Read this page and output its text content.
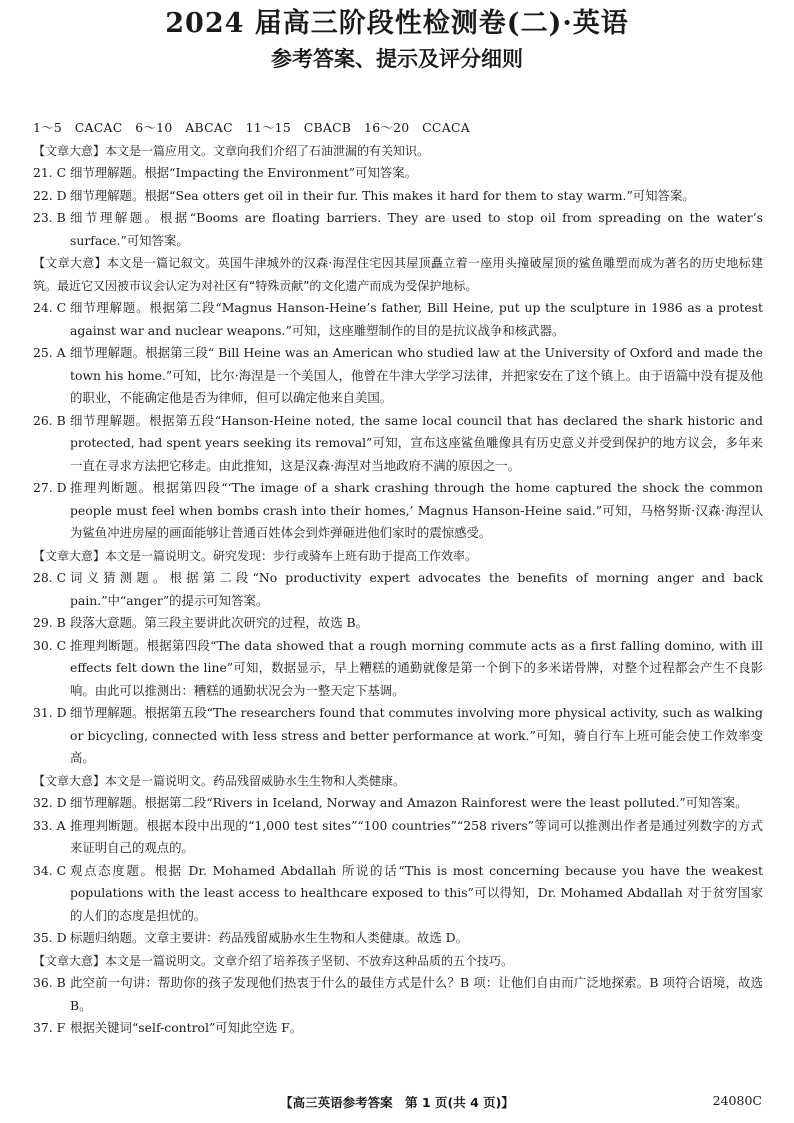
2024 届高三阶段性检测卷(二)·英语
参考答案、提示及评分细则
1～5　CACAC　6～10　ABCAC　11～15　CBACB　16～20　CCACA
【文章大意】本文是一篇应用文。文章向我们介绍了石油泄漏的有关知识。
21. C 细节理解题。根据“Impacting the Environment”可知答案。
22. D 细节理解题。根据“Sea otters get oil in their fur. This makes it hard for them to stay warm.”可知答案。
23. B 细节理解题。根据“Booms are floating barriers. They are used to stop oil from spreading on the water’s surface.”可知答案。
【文章大意】本文是一篇记叙文。英国牛津城外的汉森·海涅住宅因其屋顶矗立着一座用头撞破屋顶的鲨鱼雕塑而成为著名的历史地标建筑。最近它又因被市议会认定为对社区有“特殊贡献”的文化遗产而成为受保护地标。
24. C 细节理解题。根据第二段“Magnus Hanson-Heine’s father, Bill Heine, put up the sculpture in 1986 as a protest against war and nuclear weapons.”可知，这座雕塑制作的目的是抗议战争和核武器。
25. A 细节理解题。根据第三段“ Bill Heine was an American who studied law at the University of Oxford and made the town his home.”可知，比尔·海涅是一个美国人，他曾在牛津大学学习法律，并把家安在了这个镇上。由于语篇中没有提及他的职业，不能确定他是否为律师，但可以确定他来自美国。
26. B 细节理解题。根据第五段“Hanson-Heine noted, the same local council that has declared the shark historic and protected, had spent years seeking its removal”可知，宣布这座鲨鱼雕像具有历史意义并受到保护的地方议会，多年来一直在寻求方法把它移走。由此推知，这是汉森·海涅对当地政府不满的原因之一。
27. D 推理判断题。根据第四段“‘The image of a shark crashing through the home captured the shock the common people must feel when bombs crash into their homes,’ Magnus Hanson-Heine said.”可知，马格努斯·汉森·海涅认为鲨鱼冲进房屋的画面能够让普通百姓体会到炸弹砸进他们家时的震惊感受。
【文章大意】本文是一篇说明文。研究发现：步行或骑车上班有助于提高工作效率。
28. C 词义猜测题。根据第二段“No productivity expert advocates the benefits of morning anger and back pain.”中“anger”的提示可知答案。
29. B 段落大意题。第三段主要讲此次研究的过程，故选 B。
30. C 推理判断题。根据第四段“The data showed that a rough morning commute acts as a first falling domino, with ill effects felt down the line”可知，数据显示，早上糟糕的通勤就像是第一个倒下的多米诺骨牌，对整个过程都会产生不良影响。由此可以推测出：糟糕的通勤状况会为一整天定下基调。
31. D 细节理解题。根据第五段“The researchers found that commutes involving more physical activity, such as walking or bicycling, connected with less stress and better performance at work.”可知，骑自行车上班可能会使工作效率变高。
【文章大意】本文是一篇说明文。药品残留威胁水生生物和人类健康。
32. D 细节理解题。根据第二段“Rivers in Iceland, Norway and Amazon Rainforest were the least polluted.”可知答案。
33. A 推理判断题。根据本段中出现的“1,000 test sites”“100 countries”“258 rivers”等词可以推测出作者是通过列数字的方式来证明自己的观点的。
34. C 观点态度题。根据 Dr. Mohamed Abdallah 所说的话“This is most concerning because you have the weakest populations with the least access to healthcare exposed to this”可以得知，Dr. Mohamed Abdallah 对于贫穷国家的人们的态度是担忧的。
35. D 标题归纳题。文章主要讲：药品残留威胁水生生物和人类健康。故选 D。
【文章大意】本文是一篇说明文。文章介绍了培养孩子坚韧、不放弃这种品质的五个技巧。
36. B 此空前一句讲：帮助你的孩子发现他们热衷于什么的最佳方式是什么？B 项：让他们自由而广泛地探索。B 项符合语境，故选 B。
37. F 根据关键词“self-control”可知此空选 F。
【高三英语参考答案　第 1 页(共 4 页)】	24080C
